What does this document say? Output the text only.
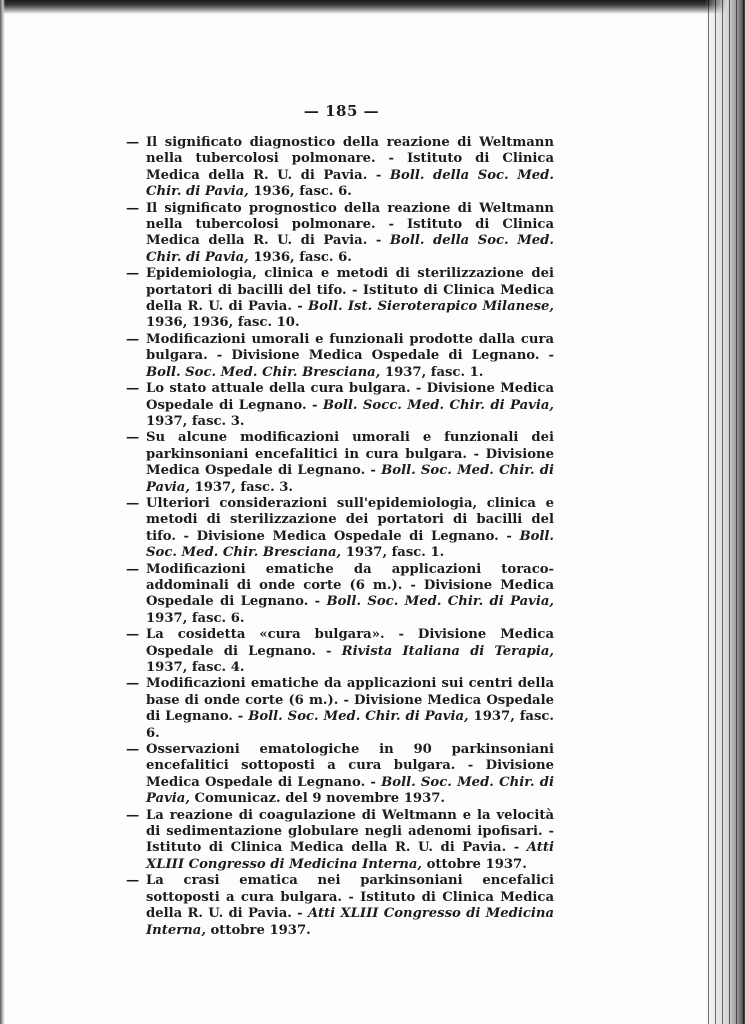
— 185 —

— Il significato diagnostico della reazione di Weltmann nella tubercolosi polmonare. - Istituto di Clinica Medica della R. U. di Pavia. - Boll. della Soc. Med. Chir. di Pavia, 1936, fasc. 6.

— Il significato prognostico della reazione di Weltmann nella tubercolosi polmonare. - Istituto di Clinica Medica della R. U. di Pavia. - Boll. della Soc. Med. Chir. di Pavia, 1936, fasc. 6.

— Epidemiologia, clinica e metodi di sterilizzazione dei portatori di bacilli del tifo. - Istituto di Clinica Medica della R. U. di Pavia. - Boll. Ist. Sieroterapico Milanese, 1936, 1936, fasc. 10.

— Modificazioni umorali e funzionali prodotte dalla cura bulgara. - Divisione Medica Ospedale di Legnano. - Boll. Soc. Med. Chir. Bresciana, 1937, fasc. 1.

— Lo stato attuale della cura bulgara. - Divisione Medica Ospedale di Legnano. - Boll. Socc. Med. Chir. di Pavia, 1937, fasc. 3.

— Su alcune modificazioni umorali e funzionali dei parkinsoniani encefalitici in cura bulgara. - Divisione Medica Ospedale di Legnano. - Boll. Soc. Med. Chir. di Pavia, 1937, fasc. 3.

— Ulteriori considerazioni sull'epidemiologia, clinica e metodi di sterilizzazione dei portatori di bacilli del tifo. - Divisione Medica Ospedale di Legnano. - Boll. Soc. Med. Chir. Bresciana, 1937, fasc. 1.

— Modificazioni ematiche da applicazioni toraco-addominali di onde corte (6 m.). - Divisione Medica Ospedale di Legnano. - Boll. Soc. Med. Chir. di Pavia, 1937, fasc. 6.

— La cosidetta «cura bulgara». - Divisione Medica Ospedale di Legnano. - Rivista Italiana di Terapia, 1937, fasc. 4.

— Modificazioni ematiche da applicazioni sui centri della base di onde corte (6 m.). - Divisione Medica Ospedale di Legnano. - Boll. Soc. Med. Chir. di Pavia, 1937, fasc. 6.

— Osservazioni ematologiche in 90 parkinsoniani encefalitici sottoposti a cura bulgara. - Divisione Medica Ospedale di Legnano. - Boll. Soc. Med. Chir. di Pavia, Comunicaz. del 9 novembre 1937.

— La reazione di coagulazione di Weltmann e la velocità di sedimentazione globulare negli adenomi ipofisari. - Istituto di Clinica Medica della R. U. di Pavia. - Atti XLIII Congresso di Medicina Interna, ottobre 1937.

— La crasi ematica nei parkinsoniani encefalici sottoposti a cura bulgara. - Istituto di Clinica Medica della R. U. di Pavia. - Atti XLIII Congresso di Medicina Interna, ottobre 1937.
